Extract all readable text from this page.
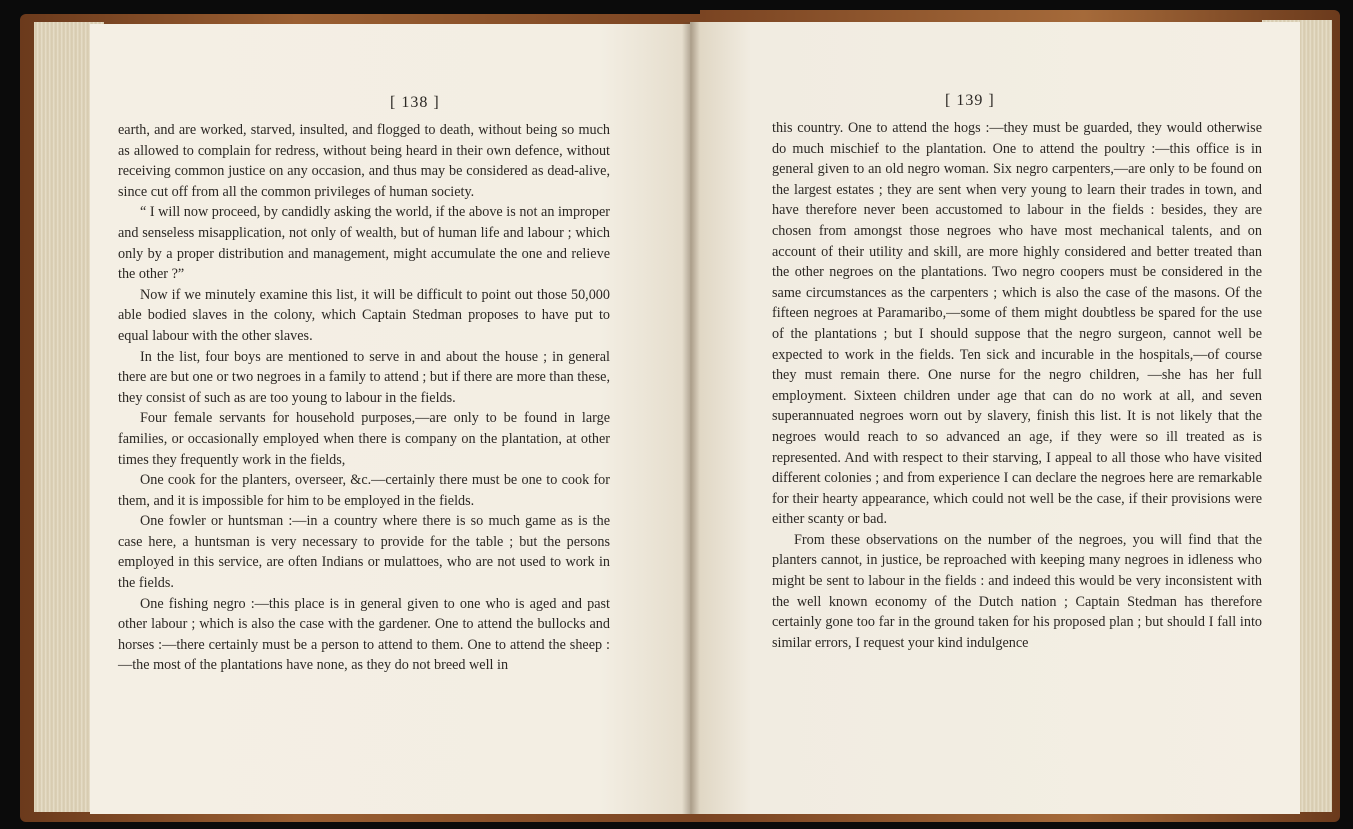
[ 138 ]

earth, and are worked, starved, insulted, and flogged to death, without being so much as allowed to complain for redress, without being heard in their own defence, without receiving common justice on any occasion, and thus may be considered as dead-alive, since cut off from all the common privileges of human society.

“ I will now proceed, by candidly asking the world, if the above is not an improper and senseless misapplication, not only of wealth, but of human life and labour ; which only by a proper distribution and management, might accumulate the one and relieve the other ?”

Now if we minutely examine this list, it will be difficult to point out those 50,000 able bodied slaves in the colony, which Captain Stedman proposes to have put to equal labour with the other slaves.

In the list, four boys are mentioned to serve in and about the house ; in general there are but one or two negroes in a family to attend ; but if there are more than these, they consist of such as are too young to labour in the fields.

Four female servants for household purposes,—are only to be found in large families, or occasionally employed when there is company on the plantation, at other times they frequently work in the fields,

One cook for the planters, overseer, &c.—certainly there must be one to cook for them, and it is impossible for him to be employed in the fields.

One fowler or huntsman :—in a country where there is so much game as is the case here, a huntsman is very necessary to provide for the table ; but the persons employed in this service, are often Indians or mulattoes, who are not used to work in the fields.

One fishing negro :—this place is in general given to one who is aged and past other labour ; which is also the case with the gardener. One to attend the bullocks and horses :—there certainly must be a person to attend to them. One to attend the sheep :—the most of the plantations have none, as they do not breed well in

[ 139 ]

this country. One to attend the hogs :—they must be guarded, they would otherwise do much mischief to the plantation. One to attend the poultry :—this office is in general given to an old negro woman. Six negro carpenters,—are only to be found on the largest estates ; they are sent when very young to learn their trades in town, and have therefore never been accustomed to labour in the fields : besides, they are chosen from amongst those negroes who have most mechanical talents, and on account of their utility and skill, are more highly considered and better treated than the other negroes on the plantations. Two negro coopers must be considered in the same circumstances as the carpenters ; which is also the case of the masons. Of the fifteen negroes at Paramaribo,—some of them might doubtless be spared for the use of the plantations ; but I should suppose that the negro surgeon, cannot well be expected to work in the fields. Ten sick and incurable in the hospitals,—of course they must remain there. One nurse for the negro children, —she has her full employment. Sixteen children under age that can do no work at all, and seven superannuated negroes worn out by slavery, finish this list. It is not likely that the negroes would reach to so advanced an age, if they were so ill treated as is represented. And with respect to their starving, I appeal to all those who have visited different colonies ; and from experience I can declare the negroes here are remarkable for their hearty appearance, which could not well be the case, if their provisions were either scanty or bad.

From these observations on the number of the negroes, you will find that the planters cannot, in justice, be reproached with keeping many negroes in idleness who might be sent to labour in the fields : and indeed this would be very inconsistent with the well known economy of the Dutch nation ; Captain Stedman has therefore certainly gone too far in the ground taken for his proposed plan ; but should I fall into similar errors, I request your kind indulgence
